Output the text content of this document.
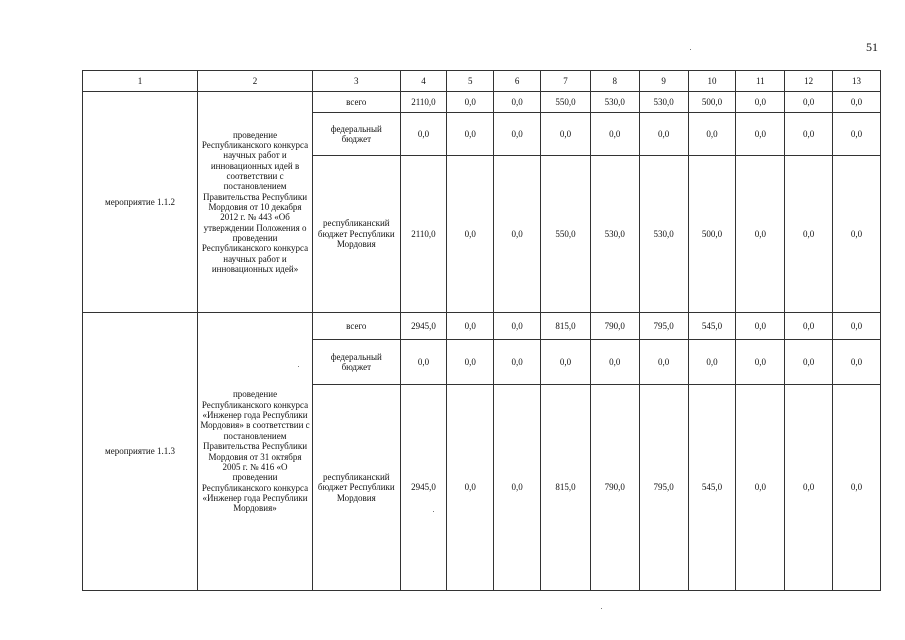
51
1	2	3	4	5	6	7	8	9	10	11	12	13
мероприятие 1.1.2	проведение Республиканского конкурса научных работ и инновационных идей в соответствии с постановлением Правительства Республики Мордовия от 10 декабря 2012 г. № 443 «Об утверждении Положения о проведении Республиканского конкурса научных работ и инновационных идей»	всего	2110,0	0,0	0,0	550,0	530,0	530,0	500,0	0,0	0,0	0,0
		федеральный бюджет	0,0	0,0	0,0	0,0	0,0	0,0	0,0	0,0	0,0	0,0
		республиканский бюджет Республики Мордовия	2110,0	0,0	0,0	550,0	530,0	530,0	500,0	0,0	0,0	0,0
мероприятие 1.1.3	проведение Республиканского конкурса «Инженер года Республики Мордовия» в соответствии с постановлением Правительства Республики Мордовия от 31 октября 2005 г. № 416 «О проведении Республиканского конкурса «Инженер года Республики Мордовия»	всего	2945,0	0,0	0,0	815,0	790,0	795,0	545,0	0,0	0,0	0,0
		федеральный бюджет	0,0	0,0	0,0	0,0	0,0	0,0	0,0	0,0	0,0	0,0
		республиканский бюджет Республики Мордовия	2945,0	0,0	0,0	815,0	790,0	795,0	545,0	0,0	0,0	0,0
